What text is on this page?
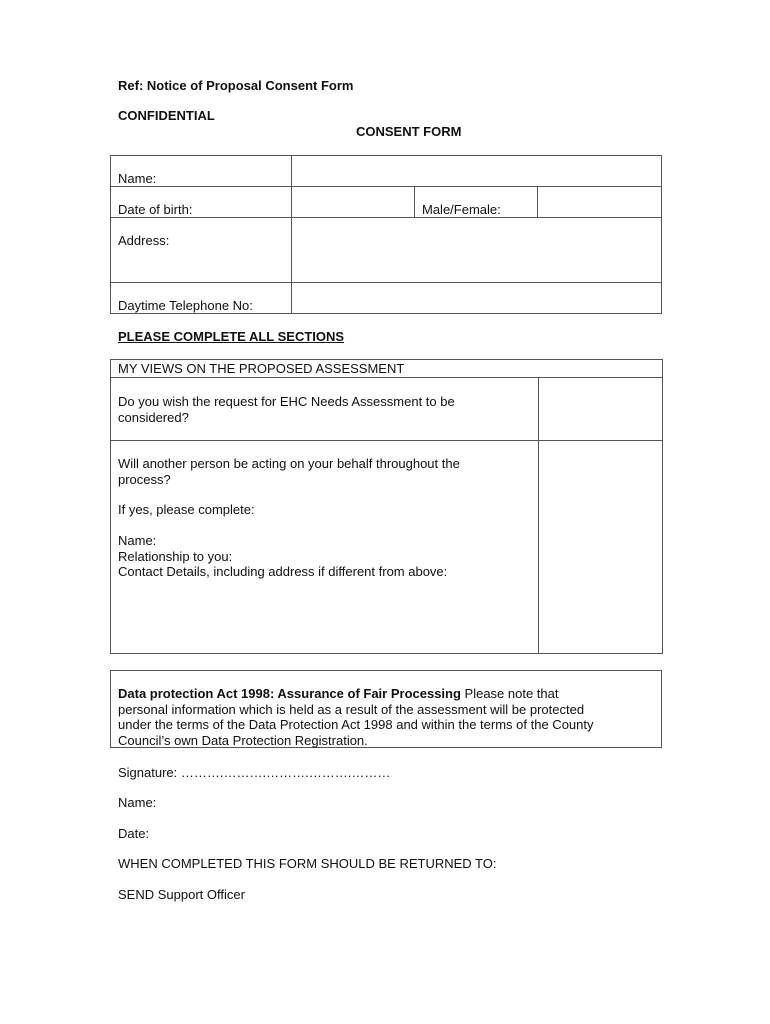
Ref: Notice of Proposal Consent Form
CONFIDENTIAL
CONSENT FORM
Name:
Date of birth:	Male/Female:
Address:
Daytime Telephone No:
PLEASE COMPLETE ALL SECTIONS
MY VIEWS ON THE PROPOSED ASSESSMENT
Do you wish the request for EHC Needs Assessment to be
considered?
Will another person be acting on your behalf throughout the
process?
If yes, please complete:
Name:
Relationship to you:
Contact Details, including address if different from above:
Data protection Act 1998: Assurance of Fair Processing Please note that
personal information which is held as a result of the assessment will be protected
under the terms of the Data Protection Act 1998 and within the terms of the County
Council’s own Data Protection Registration.
Signature: ……….……….……….……….………
Name:
Date:
WHEN COMPLETED THIS FORM SHOULD BE RETURNED TO:
SEND Support Officer
